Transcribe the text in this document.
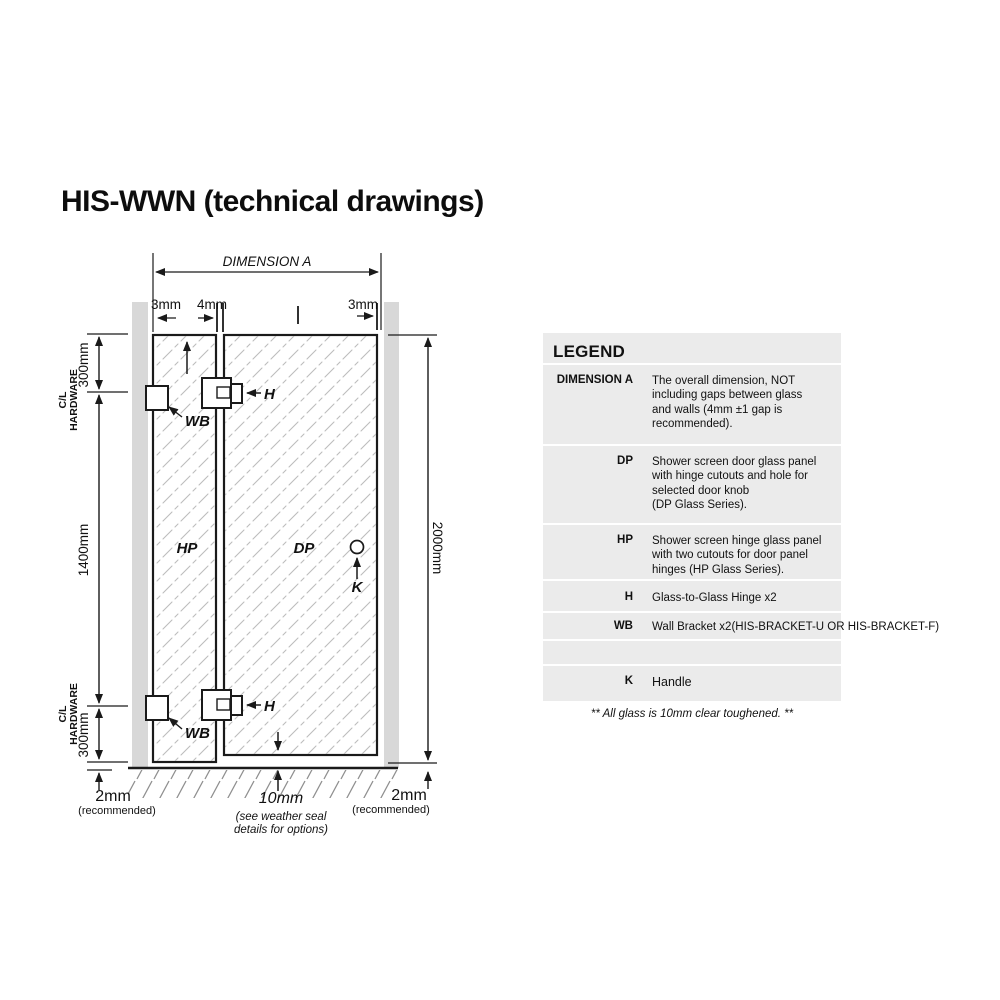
HIS-WWN (technical drawings)
DIMENSION A
3mm 4mm	3mm
300mm
1400mm
300mm
C/L HARDWARE
C/L HARDWARE
2000mm
WB
WB
H
H
HP	DP
K
2mm
(recommended)
10mm
(see weather seal
details for options)
2mm
(recommended)
LEGEND
DIMENSION A The overall dimension, NOT
including gaps between glass
and walls (4mm ±1 gap is
recommended).
DP Shower screen door glass panel
with hinge cutouts and hole for
selected door knob
(DP Glass Series).
HP Shower screen hinge glass panel
with two cutouts for door panel
hinges (HP Glass Series).
H Glass-to-Glass Hinge x2
WB Wall Bracket x2(HIS-BRACKET-U OR HIS-BRACKET-F)
K Handle
** All glass is 10mm clear toughened. **
